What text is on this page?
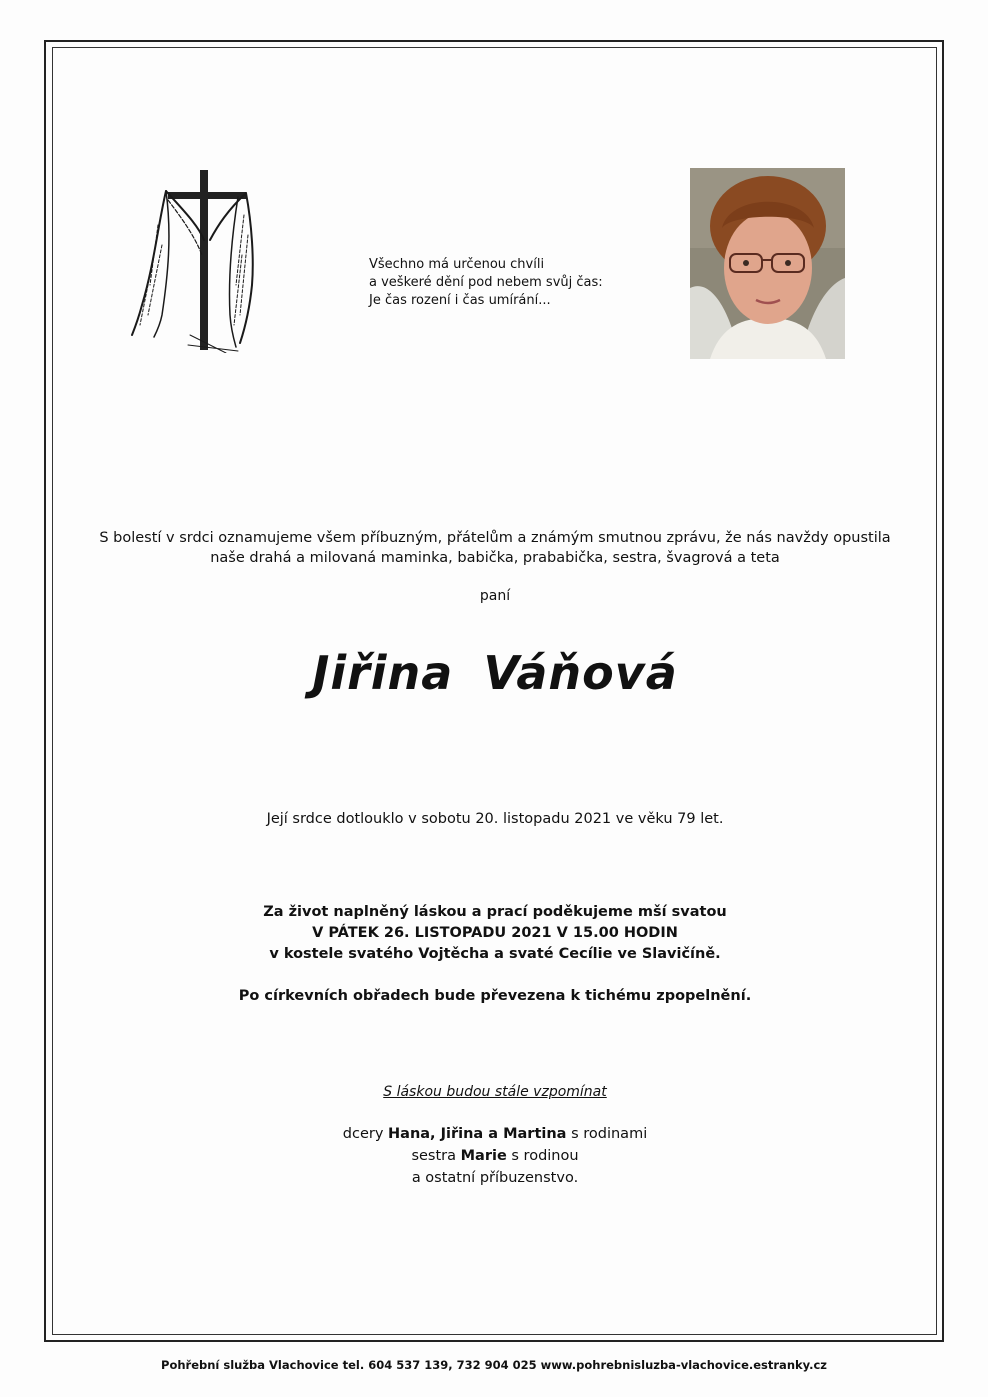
Všechno má určenou chvíli
a veškeré dění pod nebem svůj čas:
Je čas rození i čas umírání...
S bolestí v srdci oznamujeme všem příbuzným, přátelům a známým smutnou zprávu, že nás navždy opustila
naše drahá a milovaná maminka, babička, prababička, sestra, švagrová a teta
paní
Jiřina Váňová
Její srdce dotlouklo v sobotu 20. listopadu 2021 ve věku 79 let.
Za život naplněný láskou a prací poděkujeme mší svatou
V PÁTEK 26. LISTOPADU 2021 V 15.00 HODIN
v kostele svatého Vojtěcha a svaté Cecílie ve Slavičíně.
Po církevních obřadech bude převezena k tichému zpopelnění.
S láskou budou stále vzpomínat
dcery Hana, Jiřina a Martina s rodinami
sestra Marie s rodinou
a ostatní příbuzenstvo.
Pohřební služba Vlachovice tel. 604 537 139, 732 904 025 www.pohrebnisluzba-vlachovice.estranky.cz
